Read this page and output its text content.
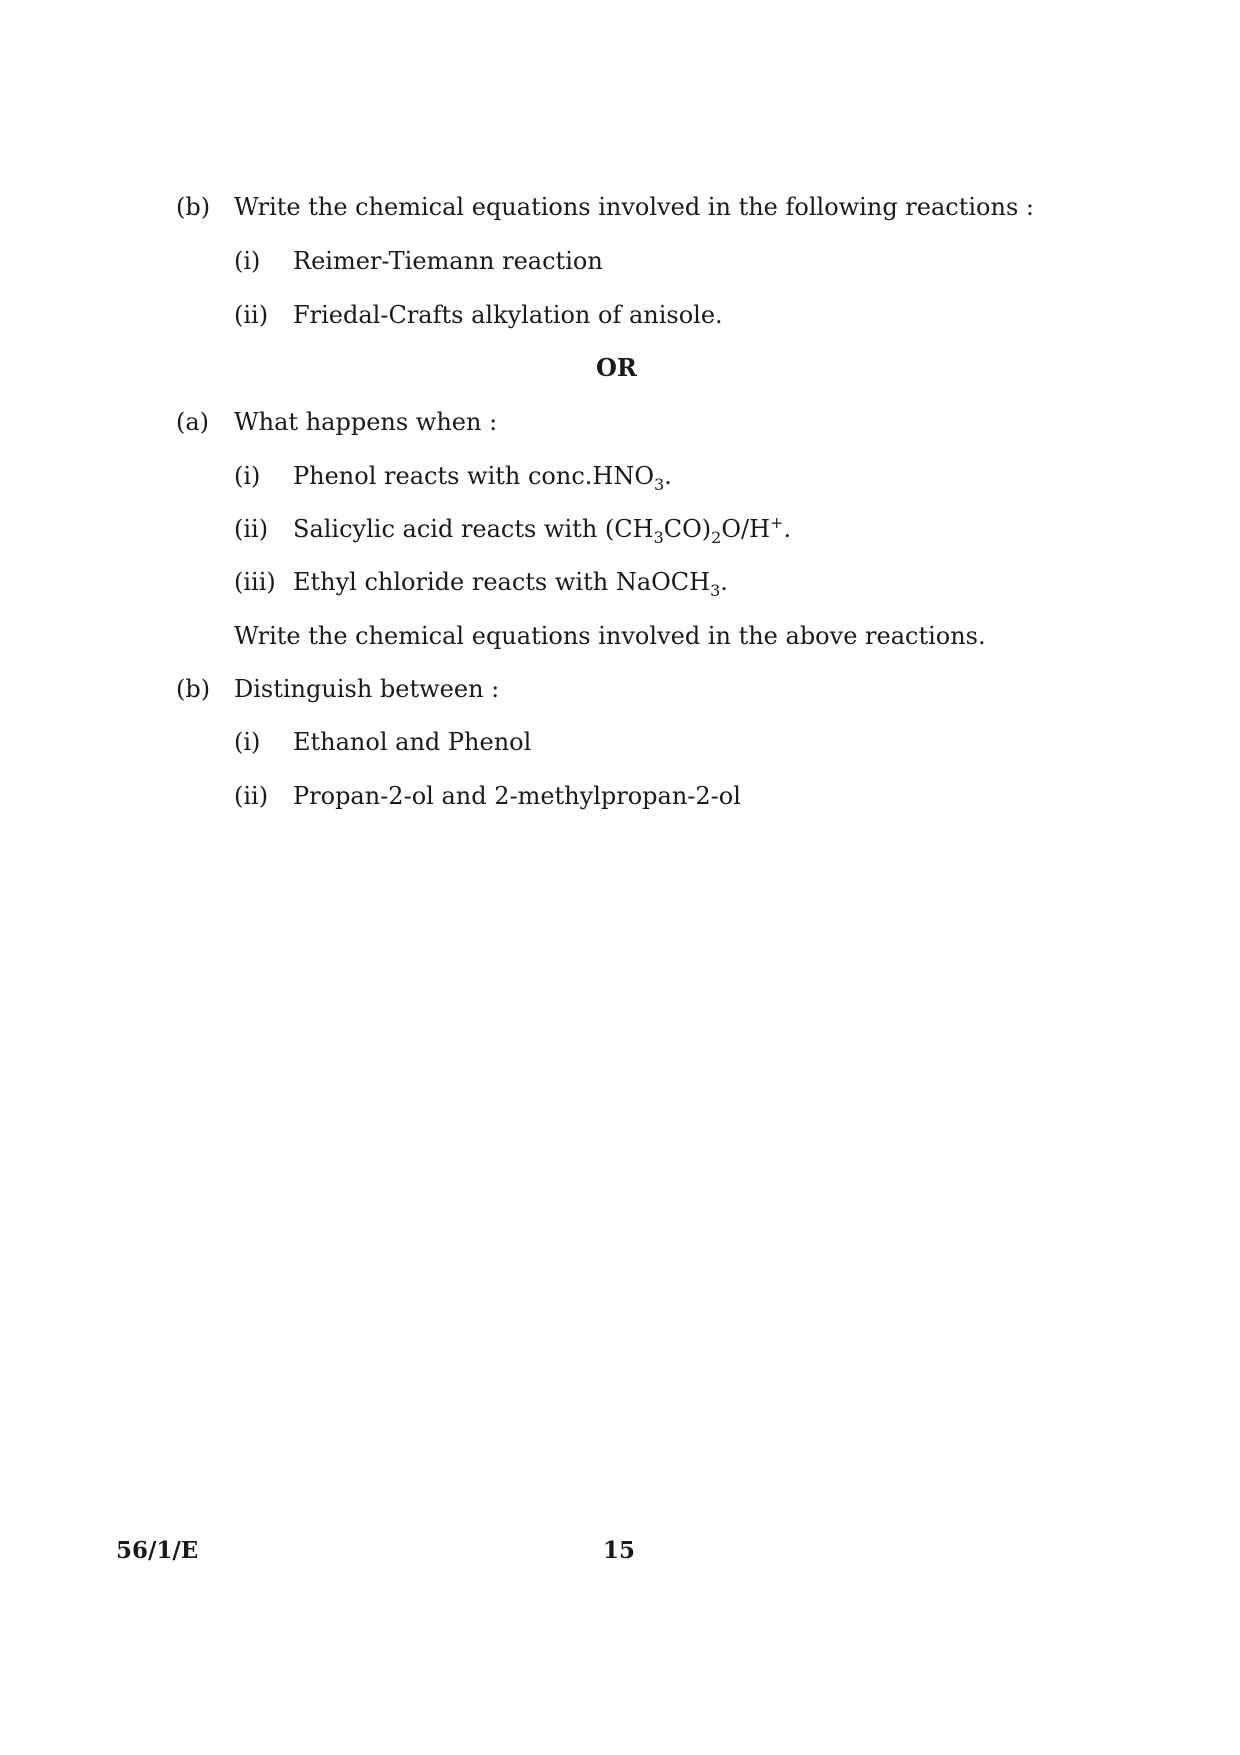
(b) Write the chemical equations involved in the following reactions :
(i) Reimer-Tiemann reaction
(ii) Friedal-Crafts alkylation of anisole.
OR
(a) What happens when :
(i) Phenol reacts with $conc.HNO_3$.
(ii) Salicylic acid reacts with $(CH_3CO)_2O/H^+$.
(iii) Ethyl chloride reacts with NaOCH$_3$.
Write the chemical equations involved in the above reactions.
(b) Distinguish between :
(i) Ethanol and Phenol
(ii) Propan-2-ol and 2-methylpropan-2-ol
56/1/E	15
